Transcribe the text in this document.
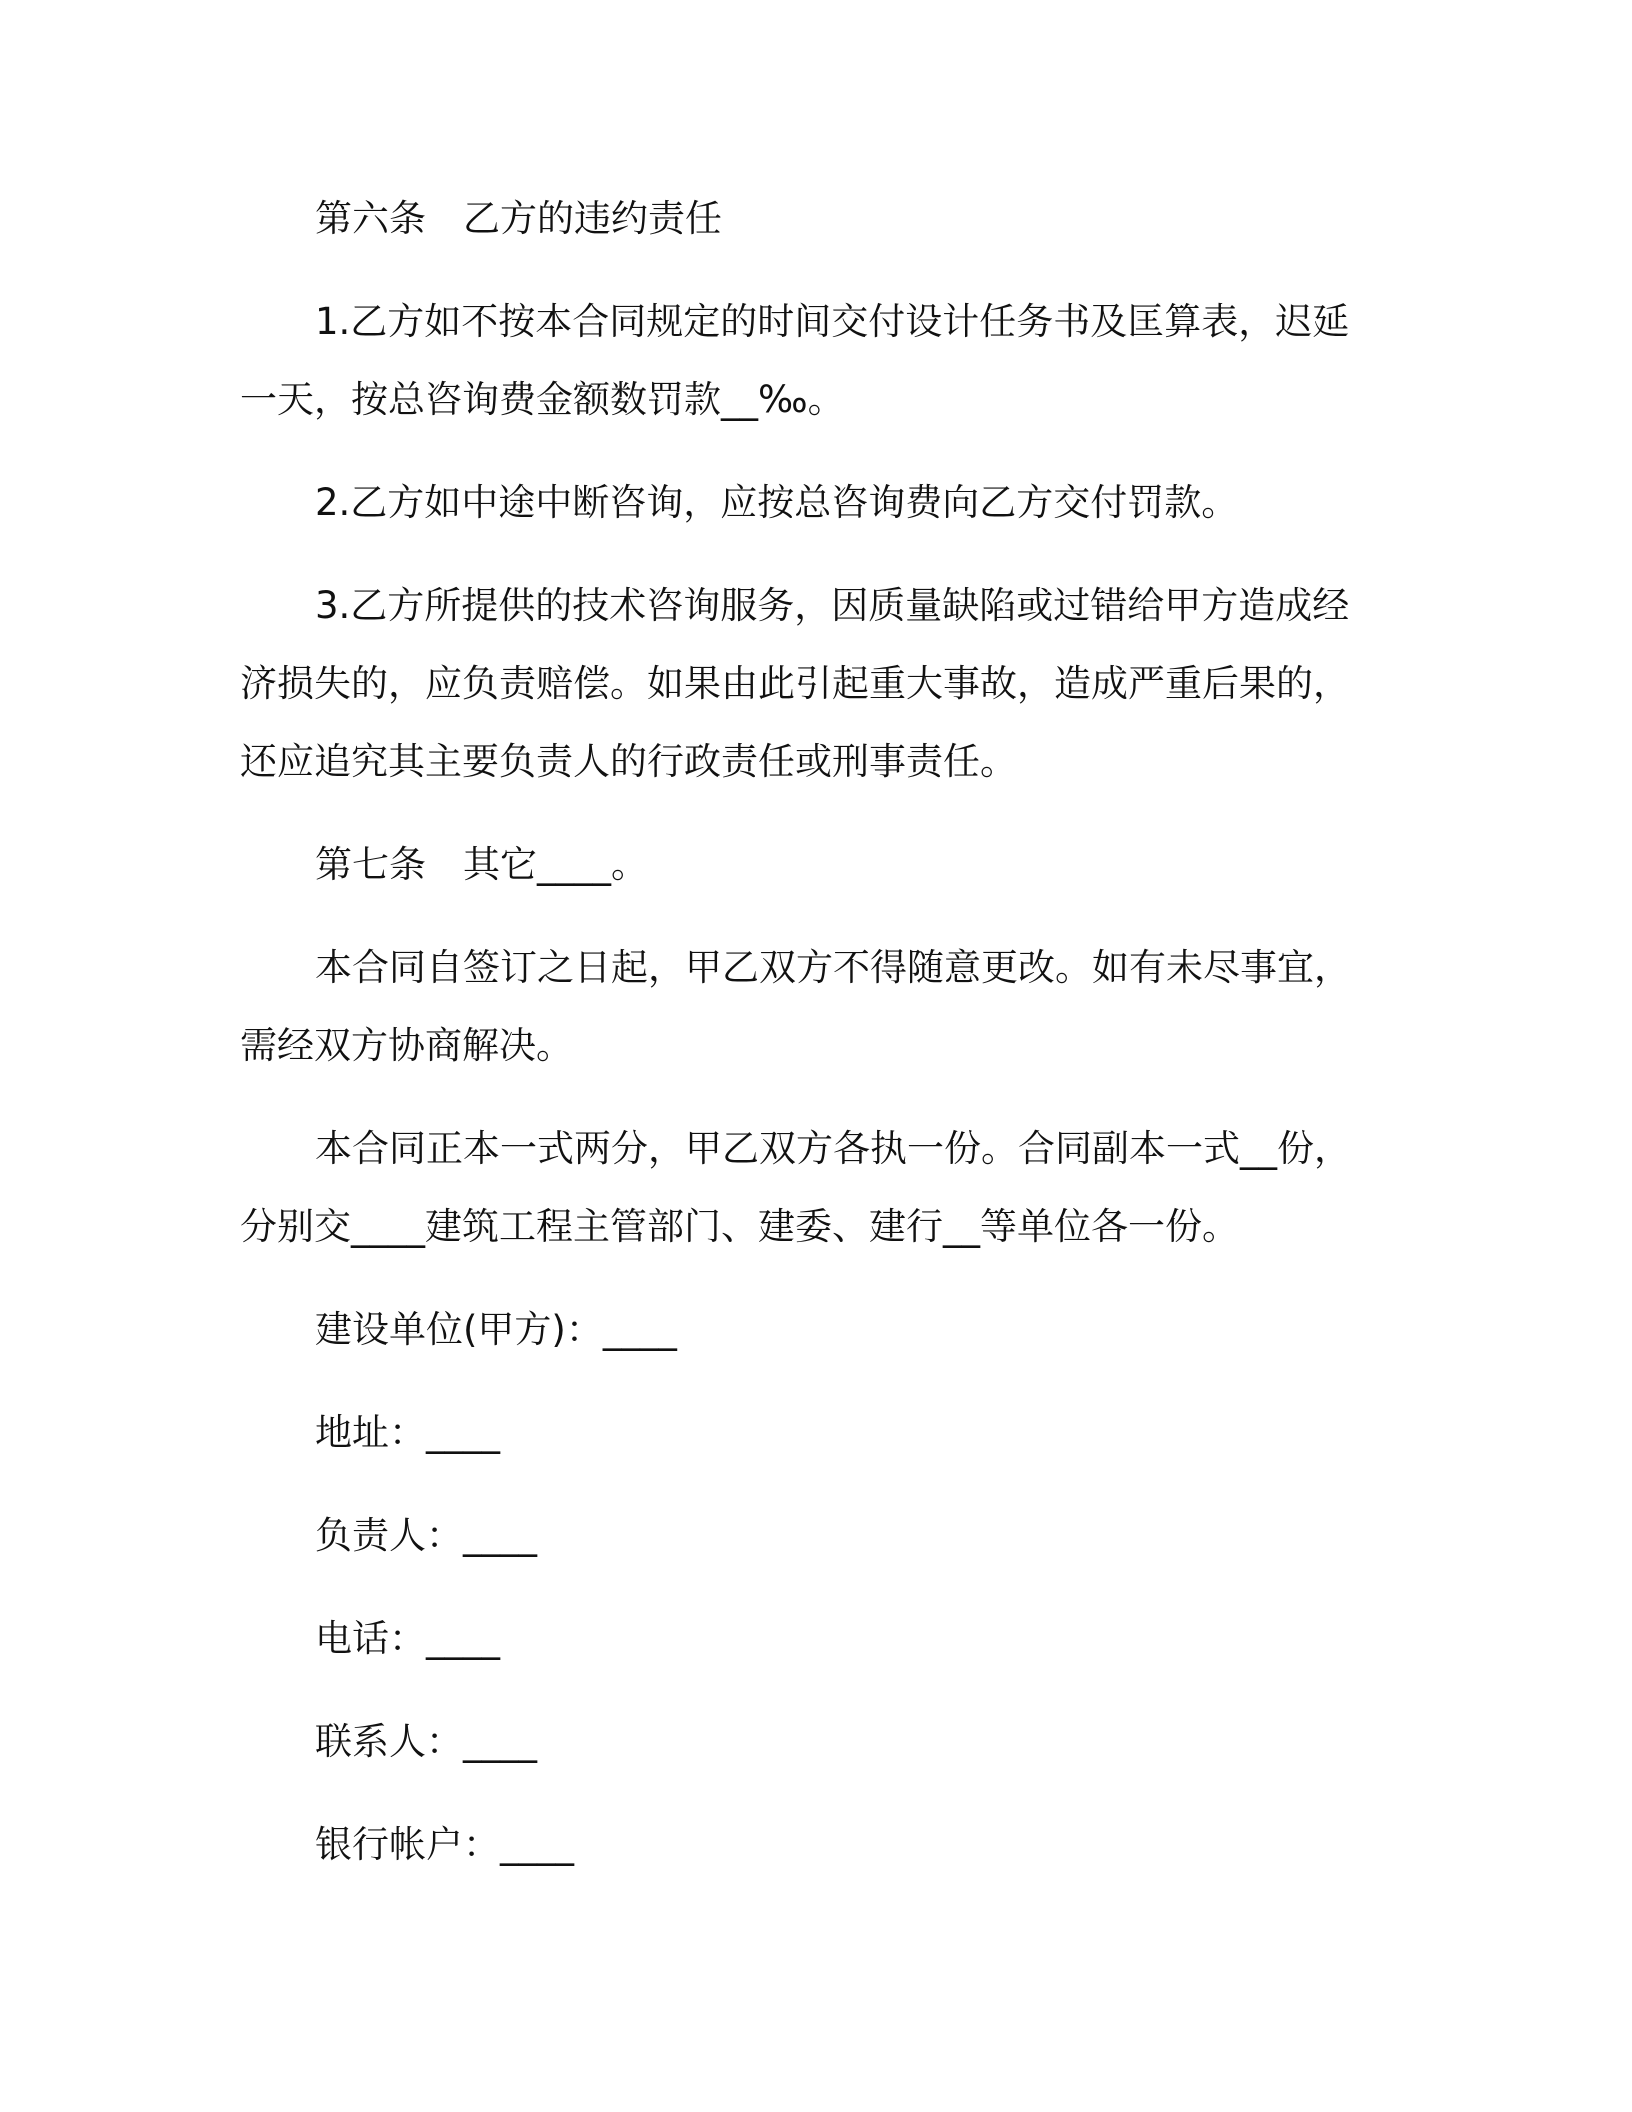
第六条　乙方的违约责任
1.乙方如不按本合同规定的时间交付设计任务书及匡算表，迟延
一天，按总咨询费金额数罚款__‰。
2.乙方如中途中断咨询，应按总咨询费向乙方交付罚款。
3.乙方所提供的技术咨询服务，因质量缺陷或过错给甲方造成经
济损失的，应负责赔偿。如果由此引起重大事故，造成严重后果的，
还应追究其主要负责人的行政责任或刑事责任。
第七条　其它____。
本合同自签订之日起，甲乙双方不得随意更改。如有未尽事宜，
需经双方协商解决。
本合同正本一式两分，甲乙双方各执一份。合同副本一式__份，
分别交____建筑工程主管部门、建委、建行__等单位各一份。
建设单位(甲方)：____
地址：____
负责人：____
电话：____
联系人：____
银行帐户：____
